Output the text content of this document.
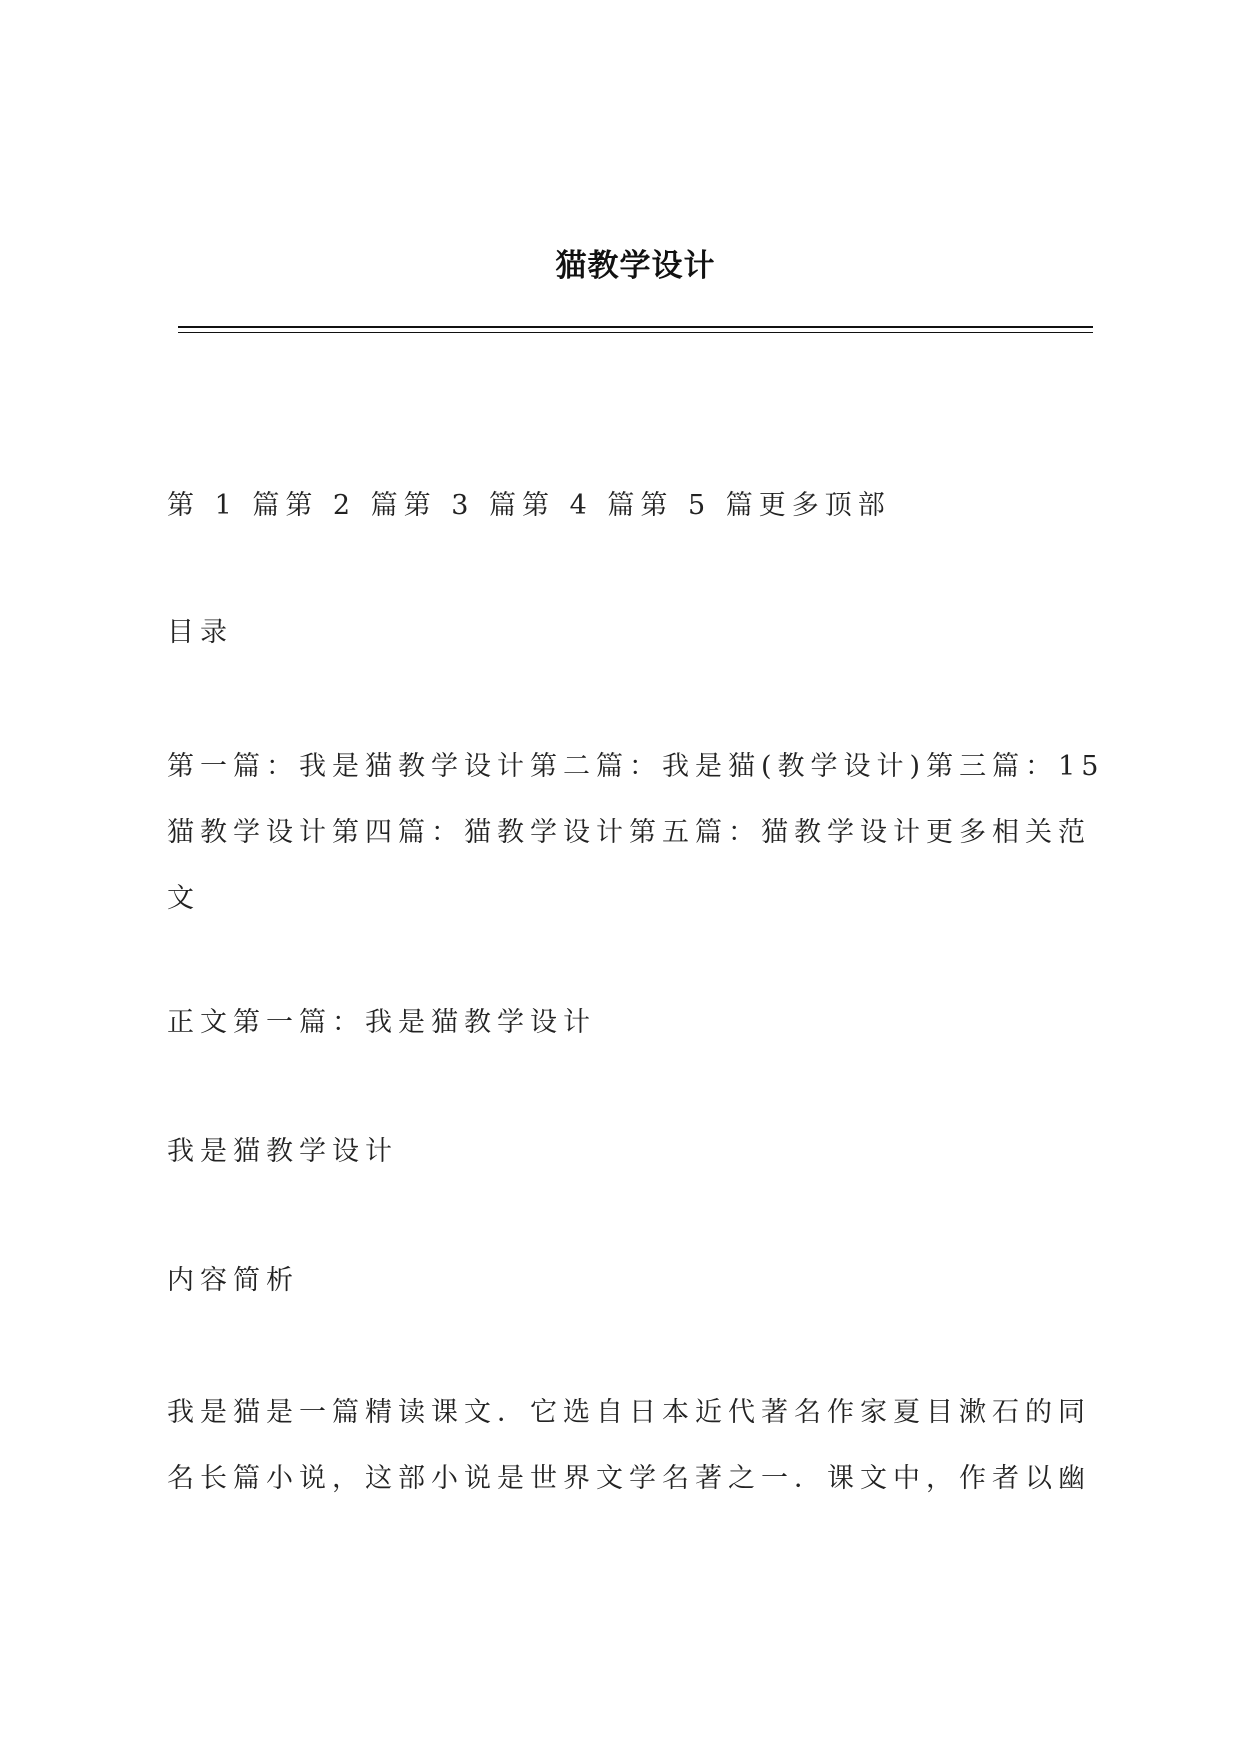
猫教学设计

第 1 篇第 2 篇第 3 篇第 4 篇第 5 篇更多顶部

目录

第一篇：我是猫教学设计第二篇：我是猫(教学设计)第三篇：15
猫教学设计第四篇：猫教学设计第五篇：猫教学设计更多相关范
文

正文第一篇：我是猫教学设计

我是猫教学设计

内容简析

我是猫是一篇精读课文．它选自日本近代著名作家夏目漱石的同
名长篇小说，这部小说是世界文学名著之一．课文中，作者以幽
